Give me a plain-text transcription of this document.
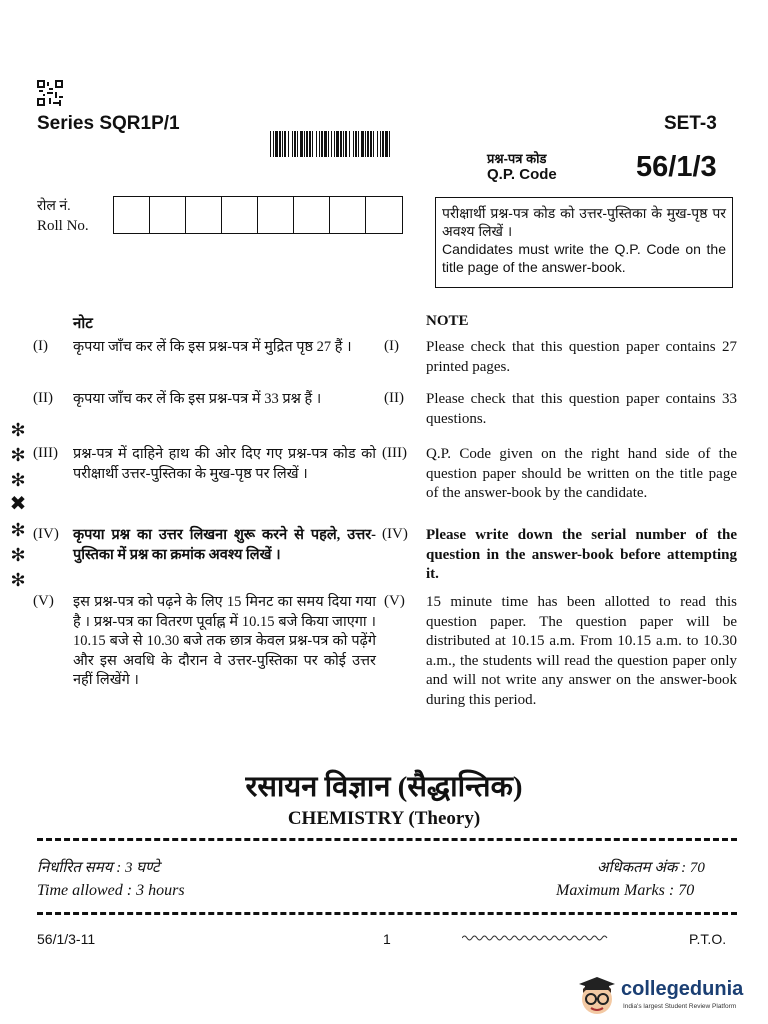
Series SQR1P/1	SET-3
प्रश्न-पत्र कोड
Q.P. Code	56/1/3
रोल नं.
Roll No.

परीक्षार्थी प्रश्न-पत्र कोड को उत्तर-पुस्तिका के मुख-पृष्ठ पर अवश्य लिखें ।

Candidates must write the Q.P. Code on the title page of the answer-book.

नोट	NOTE
(I) कृपया जाँच कर लें कि इस प्रश्न-पत्र में मुद्रित पृष्ठ 27 हैं ।	(I) Please check that this question paper contains 27 printed pages.
(II) कृपया जाँच कर लें कि इस प्रश्न-पत्र में 33 प्रश्न हैं ।	(II) Please check that this question paper contains 33 questions.
(III) प्रश्न-पत्र में दाहिने हाथ की ओर दिए गए प्रश्न-पत्र कोड को परीक्षार्थी उत्तर-पुस्तिका के मुख-पृष्ठ पर लिखें ।
(III) Q.P. Code given on the right hand side of the question paper should be written on the title page of the answer-book by the candidate.
(IV) कृपया प्रश्न का उत्तर लिखना शुरू करने से पहले, उत्तर-पुस्तिका में प्रश्न का क्रमांक अवश्य लिखें ।
(IV) Please write down the serial number of the question in the answer-book before attempting it.
(V) इस प्रश्न-पत्र को पढ़ने के लिए 15 मिनट का समय दिया गया है । प्रश्न-पत्र का वितरण पूर्वाह्न में 10.15 बजे किया जाएगा । 10.15 बजे से 10.30 बजे तक छात्र केवल प्रश्न-पत्र को पढ़ेंगे और इस अवधि के दौरान वे उत्तर-पुस्तिका पर कोई उत्तर नहीं लिखेंगे ।
(V) 15 minute time has been allotted to read this question paper. The question paper will be distributed at 10.15 a.m. From 10.15 a.m. to 10.30 a.m., the students will read the question paper only and will not write any answer on the answer-book during this period.
✻
✻
✻
✖
✻
✻
✻
रसायन विज्ञान (सैद्धान्तिक)
CHEMISTRY (Theory)
निर्धारित समय : 3 घण्टे	अधिकतम अंक : 70
Time allowed : 3 hours	Maximum Marks : 70
56/1/3-11	1	P.T.O.
collegedunia
India's largest Student Review Platform
